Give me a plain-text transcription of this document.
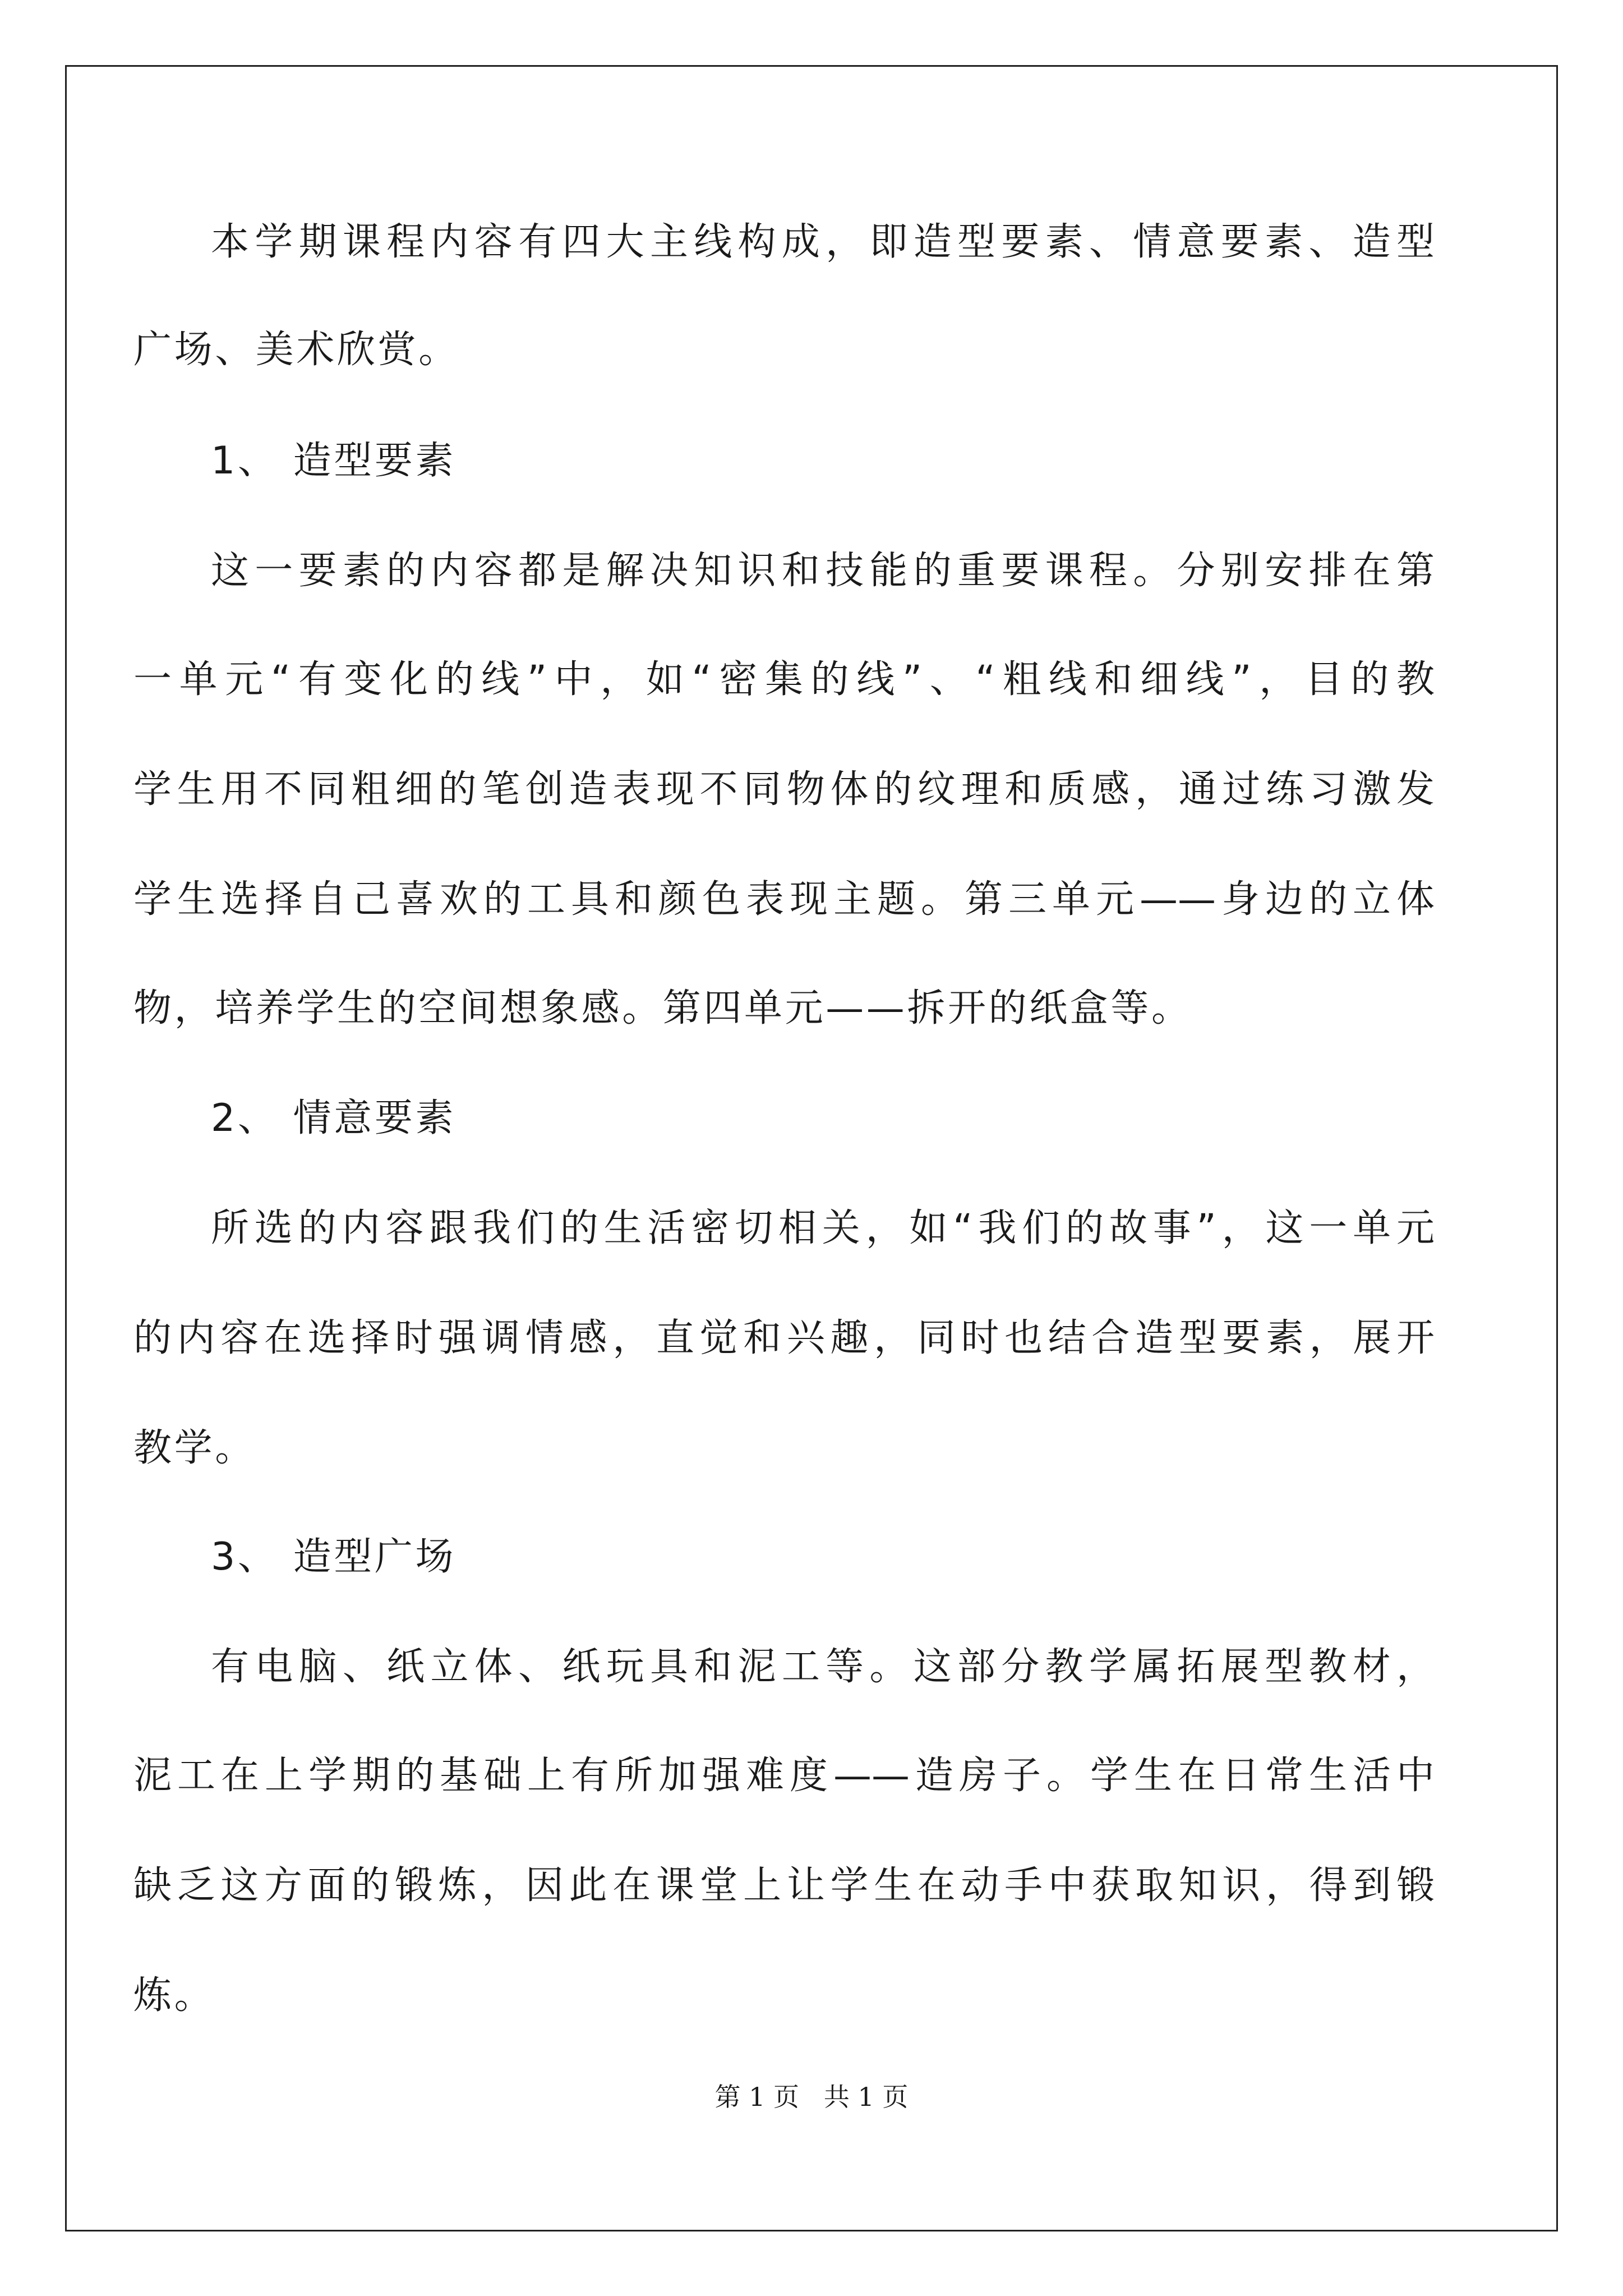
本学期课程内容有四大主线构成，即造型要素、情意要素、造型
广场、美术欣赏。
1、 造型要素
这一要素的内容都是解决知识和技能的重要课程。分别安排在第
一单元“有变化的线”中，如“密集的线”、“粗线和细线”，目的教
学生用不同粗细的笔创造表现不同物体的纹理和质感，通过练习激发
学生选择自己喜欢的工具和颜色表现主题。第三单元——身边的立体
物，培养学生的空间想象感。第四单元——拆开的纸盒等。
2、 情意要素
所选的内容跟我们的生活密切相关，如“我们的故事”，这一单元
的内容在选择时强调情感，直觉和兴趣，同时也结合造型要素，展开
教学。
3、 造型广场
有电脑、纸立体、纸玩具和泥工等。这部分教学属拓展型教材，
泥工在上学期的基础上有所加强难度——造房子。学生在日常生活中
缺乏这方面的锻炼，因此在课堂上让学生在动手中获取知识，得到锻
炼。
第 1 页   共 1 页
